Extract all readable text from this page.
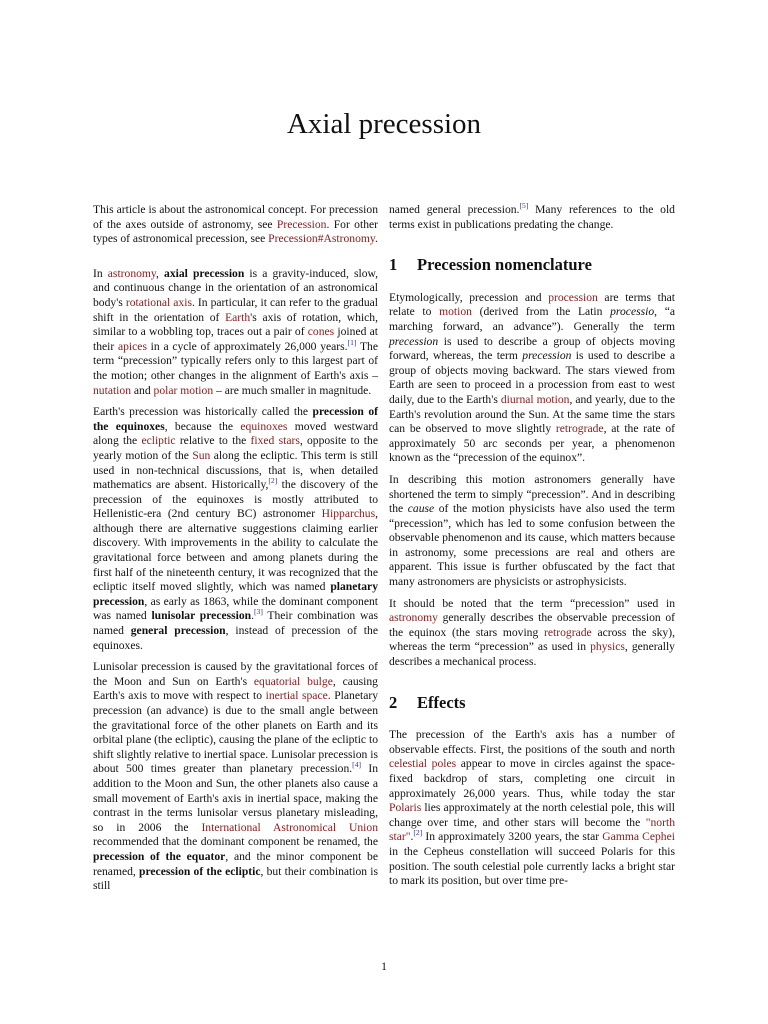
Axial precession

This article is about the astronomical concept. For precession of the axes outside of astronomy, see Precession. For other types of astronomical precession, see Precession#Astronomy.

In astronomy, axial precession is a gravity-induced, slow, and continuous change in the orientation of an astronomical body's rotational axis. In particular, it can refer to the gradual shift in the orientation of Earth's axis of rotation, which, similar to a wobbling top, traces out a pair of cones joined at their apices in a cycle of approximately 26,000 years.[1] The term “precession” typically refers only to this largest part of the motion; other changes in the alignment of Earth's axis – nutation and polar motion – are much smaller in magnitude.

Earth's precession was historically called the precession of the equinoxes, because the equinoxes moved westward along the ecliptic relative to the fixed stars, opposite to the yearly motion of the Sun along the ecliptic. This term is still used in non-technical discussions, that is, when detailed mathematics are absent. Historically,[2] the discovery of the precession of the equinoxes is mostly attributed to Hellenistic-era (2nd century BC) astronomer Hipparchus, although there are alternative suggestions claiming earlier discovery. With improvements in the ability to calculate the gravitational force between and among planets during the first half of the nineteenth century, it was recognized that the ecliptic itself moved slightly, which was named planetary precession, as early as 1863, while the dominant component was named lunisolar precession.[3] Their combination was named general precession, instead of precession of the equinoxes.

Lunisolar precession is caused by the gravitational forces of the Moon and Sun on Earth's equatorial bulge, causing Earth's axis to move with respect to inertial space. Planetary precession (an advance) is due to the small angle between the gravitational force of the other planets on Earth and its orbital plane (the ecliptic), causing the plane of the ecliptic to shift slightly relative to inertial space. Lunisolar precession is about 500 times greater than planetary precession.[4] In addition to the Moon and Sun, the other planets also cause a small movement of Earth's axis in inertial space, making the contrast in the terms lunisolar versus planetary misleading, so in 2006 the International Astronomical Union recommended that the dominant component be renamed, the precession of the equator, and the minor component be renamed, precession of the ecliptic, but their combination is still

named general precession.[5] Many references to the old terms exist in publications predating the change.

1 Precession nomenclature

Etymologically, precession and procession are terms that relate to motion (derived from the Latin processio, “a marching forward, an advance”). Generally the term precession is used to describe a group of objects moving forward, whereas, the term precession is used to describe a group of objects moving backward. The stars viewed from Earth are seen to proceed in a procession from east to west daily, due to the Earth's diurnal motion, and yearly, due to the Earth's revolution around the Sun. At the same time the stars can be observed to move slightly retrograde, at the rate of approximately 50 arc seconds per year, a phenomenon known as the “precession of the equinox”.

In describing this motion astronomers generally have shortened the term to simply “precession”. And in describing the cause of the motion physicists have also used the term “precession”, which has led to some confusion between the observable phenomenon and its cause, which matters because in astronomy, some precessions are real and others are apparent. This issue is further obfuscated by the fact that many astronomers are physicists or astrophysicists.

It should be noted that the term “precession” used in astronomy generally describes the observable precession of the equinox (the stars moving retrograde across the sky), whereas the term “precession” as used in physics, generally describes a mechanical process.

2 Effects

The precession of the Earth's axis has a number of observable effects. First, the positions of the south and north celestial poles appear to move in circles against the space-fixed backdrop of stars, completing one circuit in approximately 26,000 years. Thus, while today the star Polaris lies approximately at the north celestial pole, this will change over time, and other stars will become the "north star".[2] In approximately 3200 years, the star Gamma Cephei in the Cepheus constellation will succeed Polaris for this position. The south celestial pole currently lacks a bright star to mark its position, but over time pre-

1
